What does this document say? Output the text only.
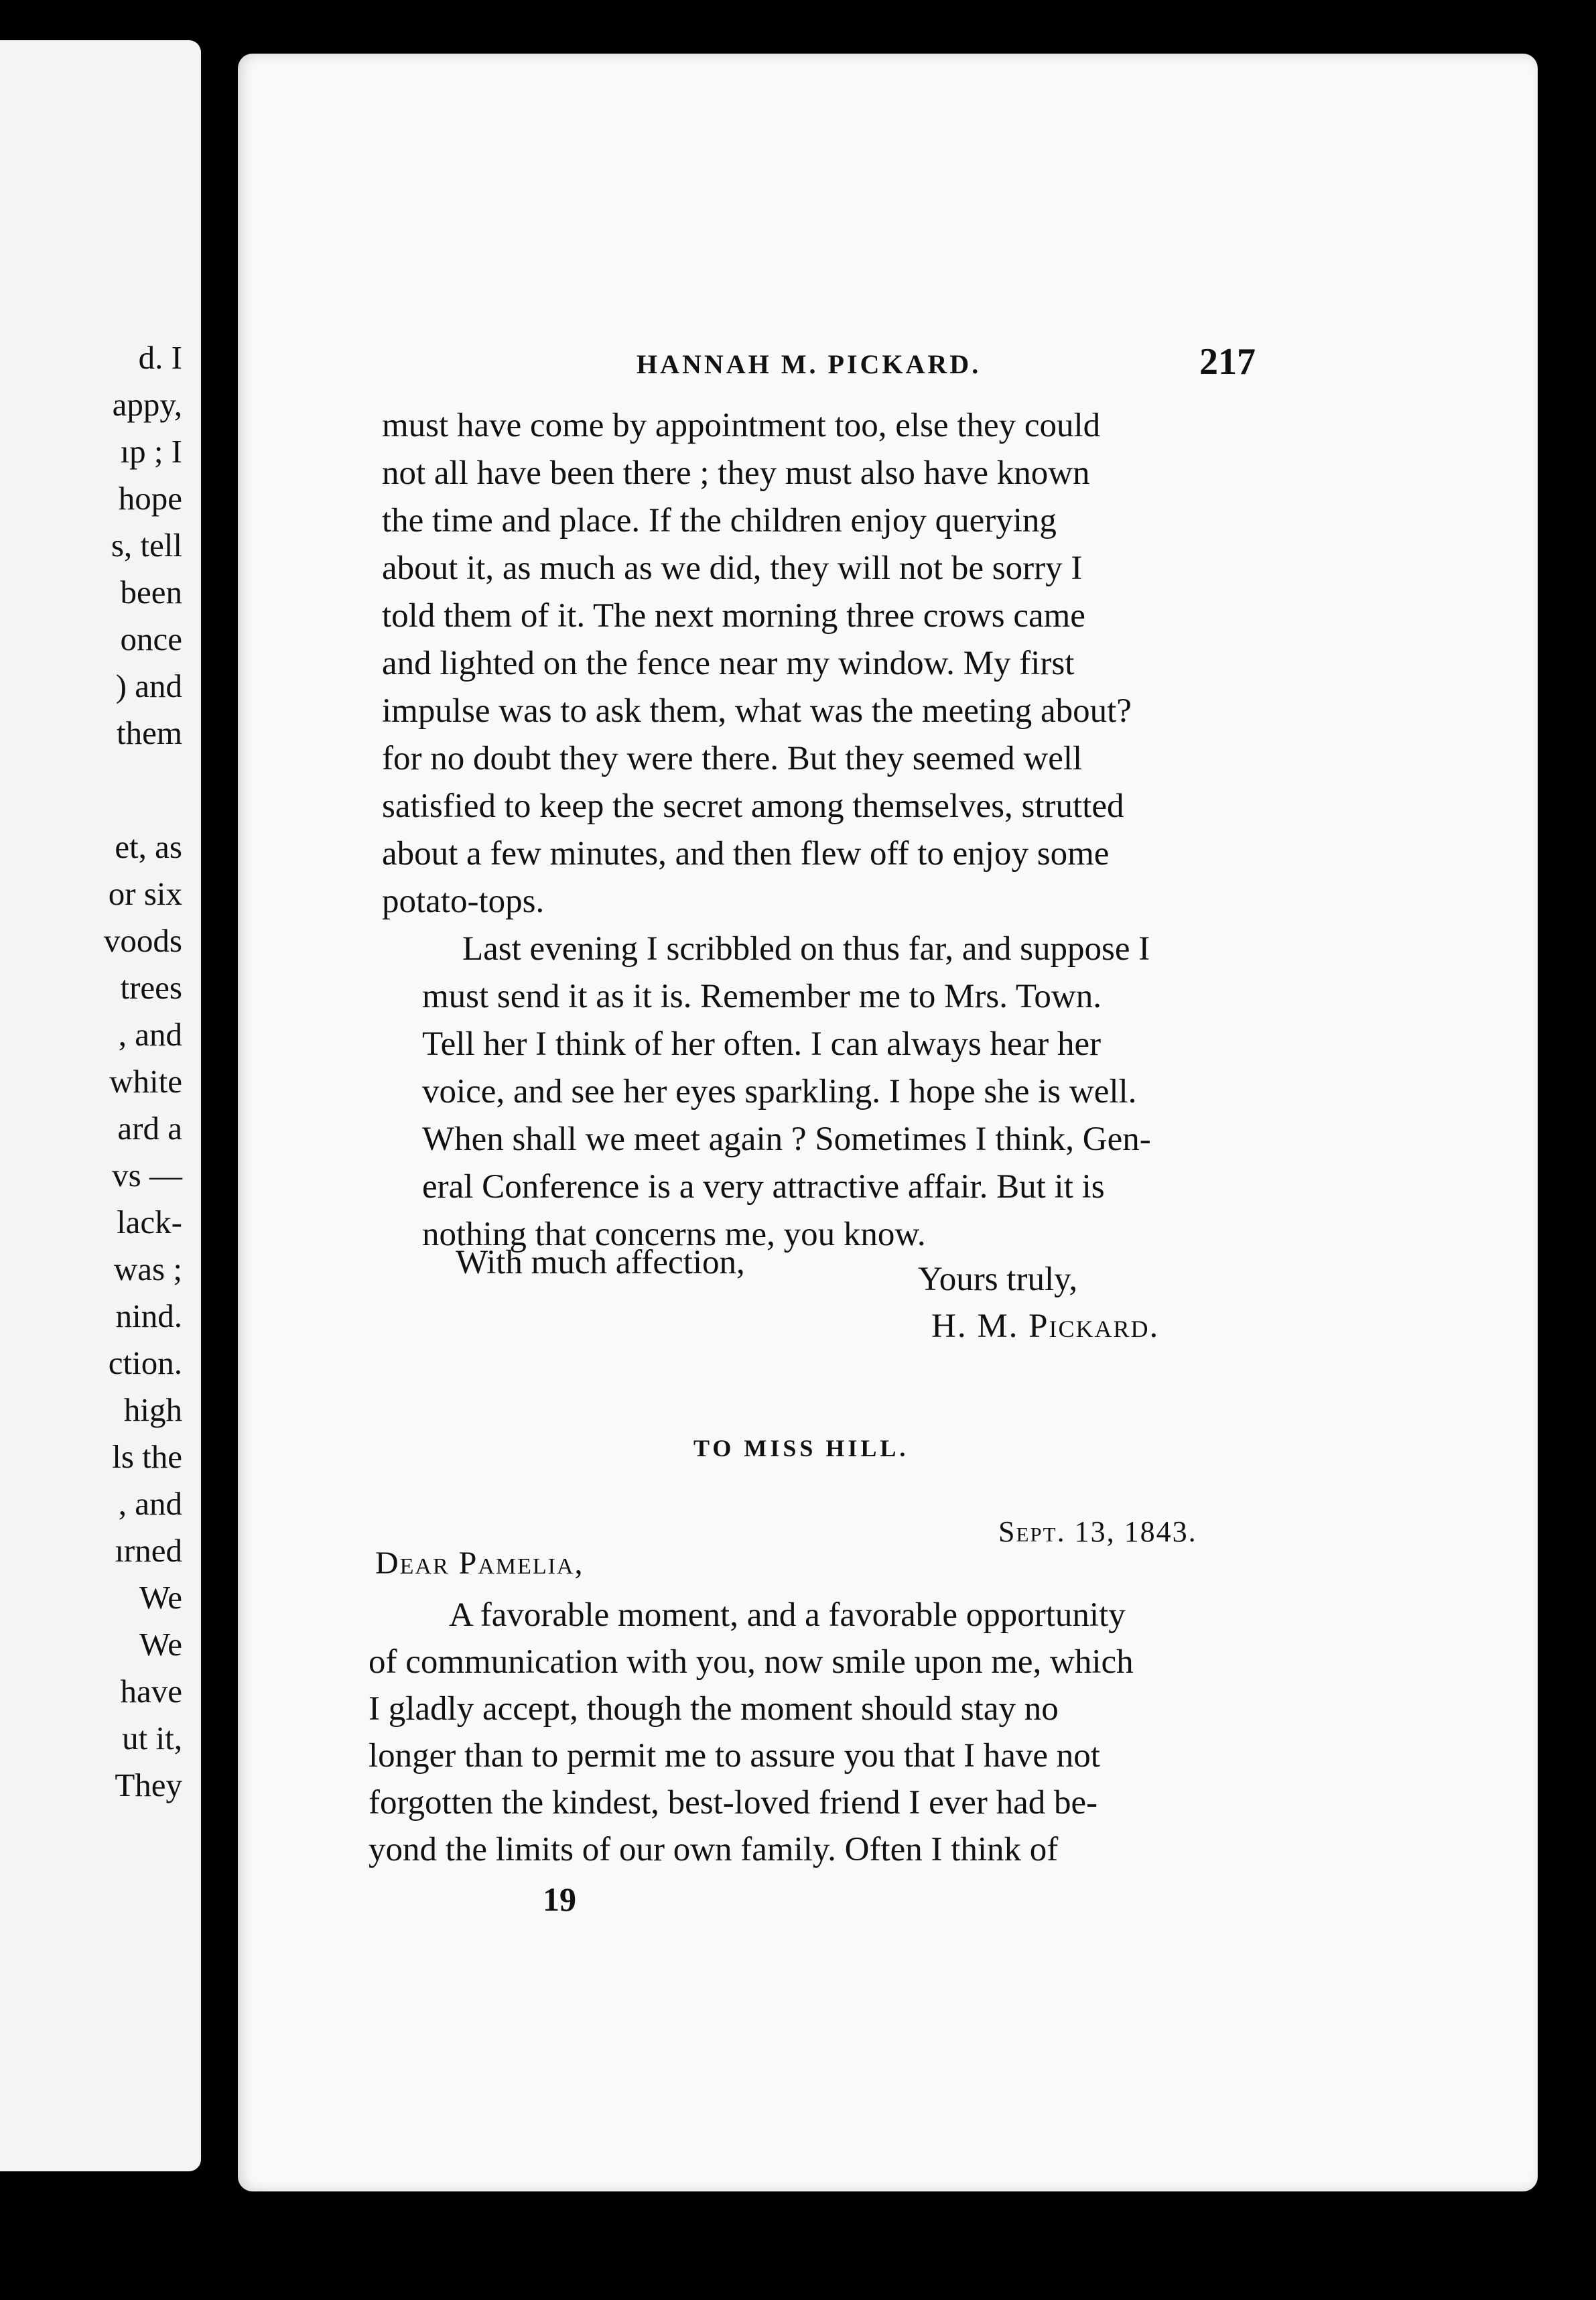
d. I
appy,
ıp ; I
hope
s, tell
been
once
) and
them
et, as
or six
voods
trees
, and
white
ard a
vs —
lack-
was ;
nind.
ction.
high
ls the
, and
ırned
We
We
have
ut it,
They
HANNAH M. PICKARD.	217
must have come by appointment too, else they could
not all have been there ; they must also have known
the time and place. If the children enjoy querying
about it, as much as we did, they will not be sorry I
told them of it. The next morning three crows came
and lighted on the fence near my window. My first
impulse was to ask them, what was the meeting about?
for no doubt they were there. But they seemed well
satisfied to keep the secret among themselves, strutted
about a few minutes, and then flew off to enjoy some
potato-tops.
Last evening I scribbled on thus far, and suppose I
must send it as it is. Remember me to Mrs. Town.
Tell her I think of her often. I can always hear her
voice, and see her eyes sparkling. I hope she is well.
When shall we meet again ? Sometimes I think, Gen-
eral Conference is a very attractive affair. But it is
nothing that concerns me, you know.
With much affection,	Yours truly,
H. M. Pickard.
TO MISS HILL.
Sept. 13, 1843.
Dear Pamelia,
A favorable moment, and a favorable opportunity
of communication with you, now smile upon me, which
I gladly accept, though the moment should stay no
longer than to permit me to assure you that I have not
forgotten the kindest, best-loved friend I ever had be-
yond the limits of our own family. Often I think of
19
